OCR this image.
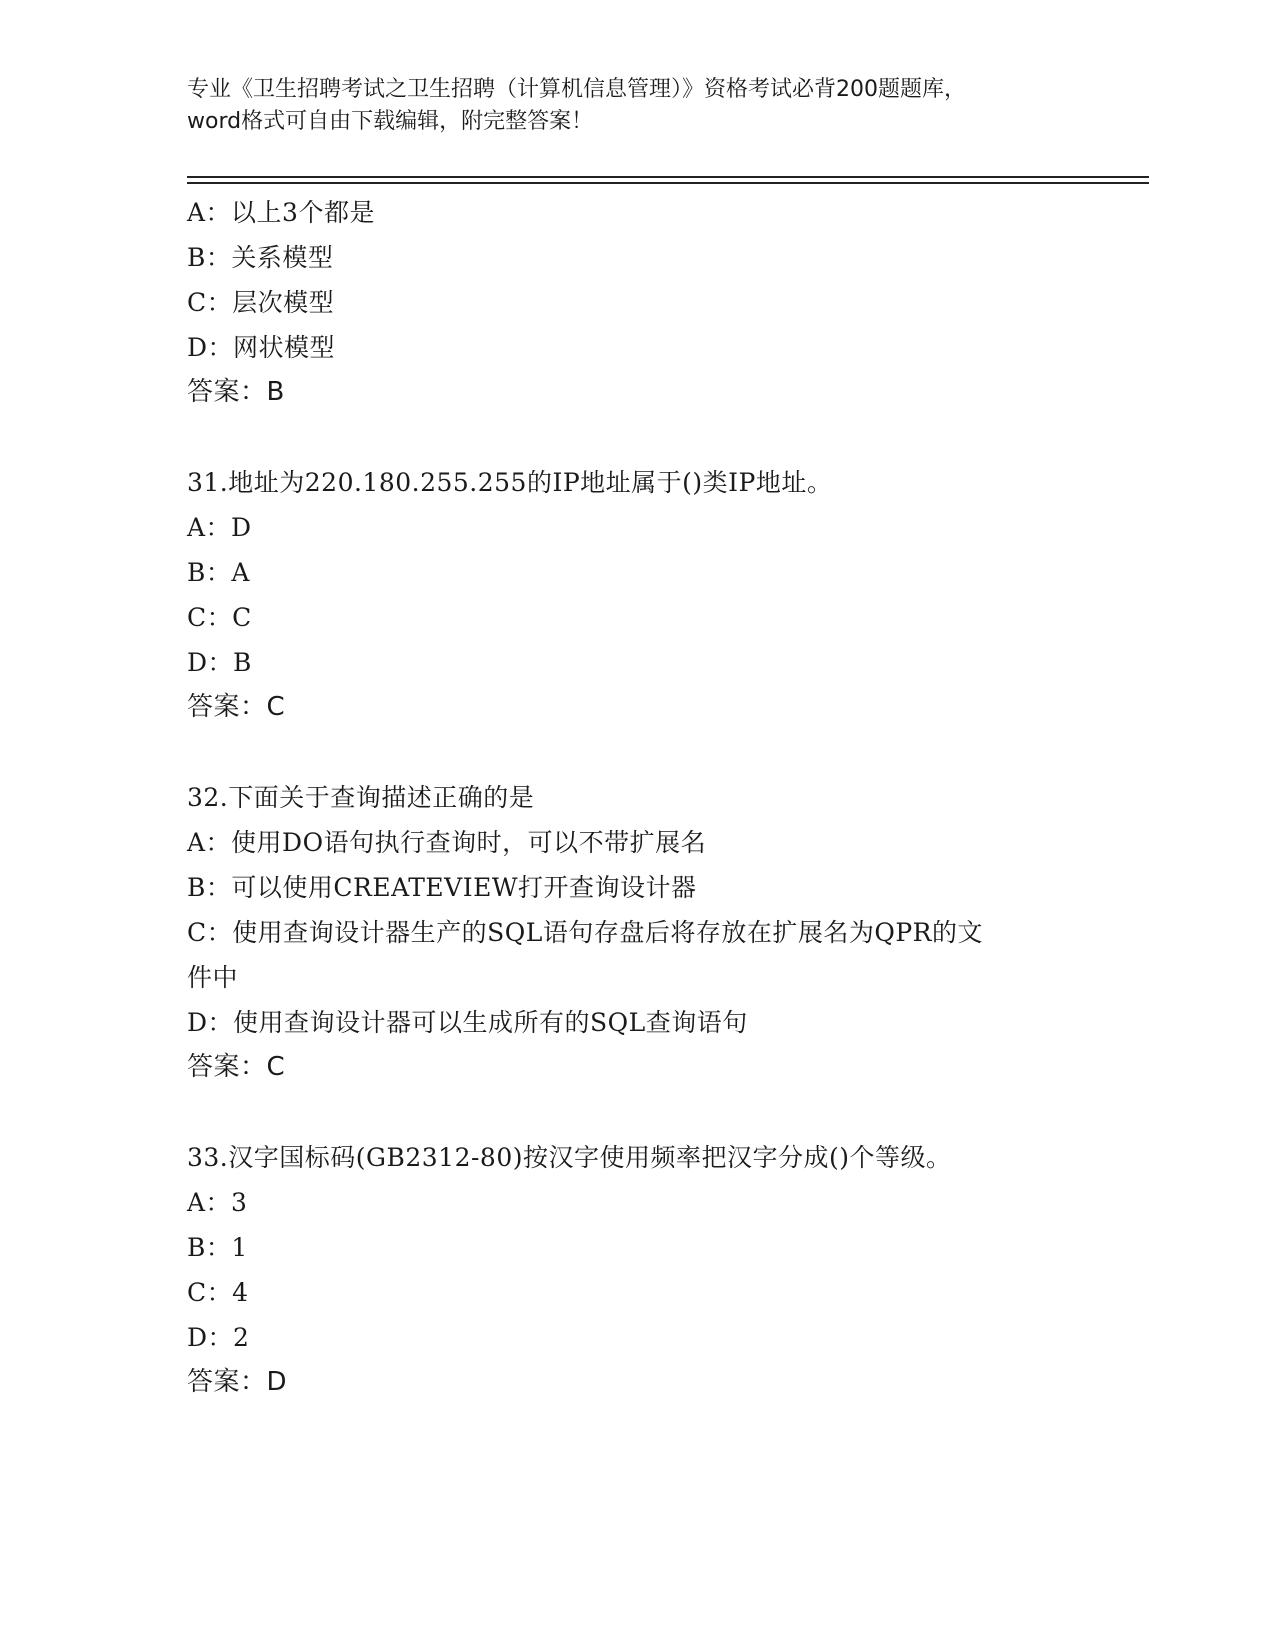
专业《卫生招聘考试之卫生招聘（计算机信息管理）》资格考试必背200题题库，
word格式可自由下载编辑，附完整答案！
A：以上3个都是
B：关系模型
C：层次模型
D：网状模型
答案：B
31.地址为220.180.255.255的IP地址属于()类IP地址。
A：D
B：A
C：C
D：B
答案：C
32.下面关于查询描述正确的是
A：使用DO语句执行查询时，可以不带扩展名
B：可以使用CREATEVIEW打开查询设计器
C：使用查询设计器生产的SQL语句存盘后将存放在扩展名为QPR的文
件中
D：使用查询设计器可以生成所有的SQL查询语句
答案：C
33.汉字国标码(GB2312-80)按汉字使用频率把汉字分成()个等级。
A：3
B：1
C：4
D：2
答案：D
